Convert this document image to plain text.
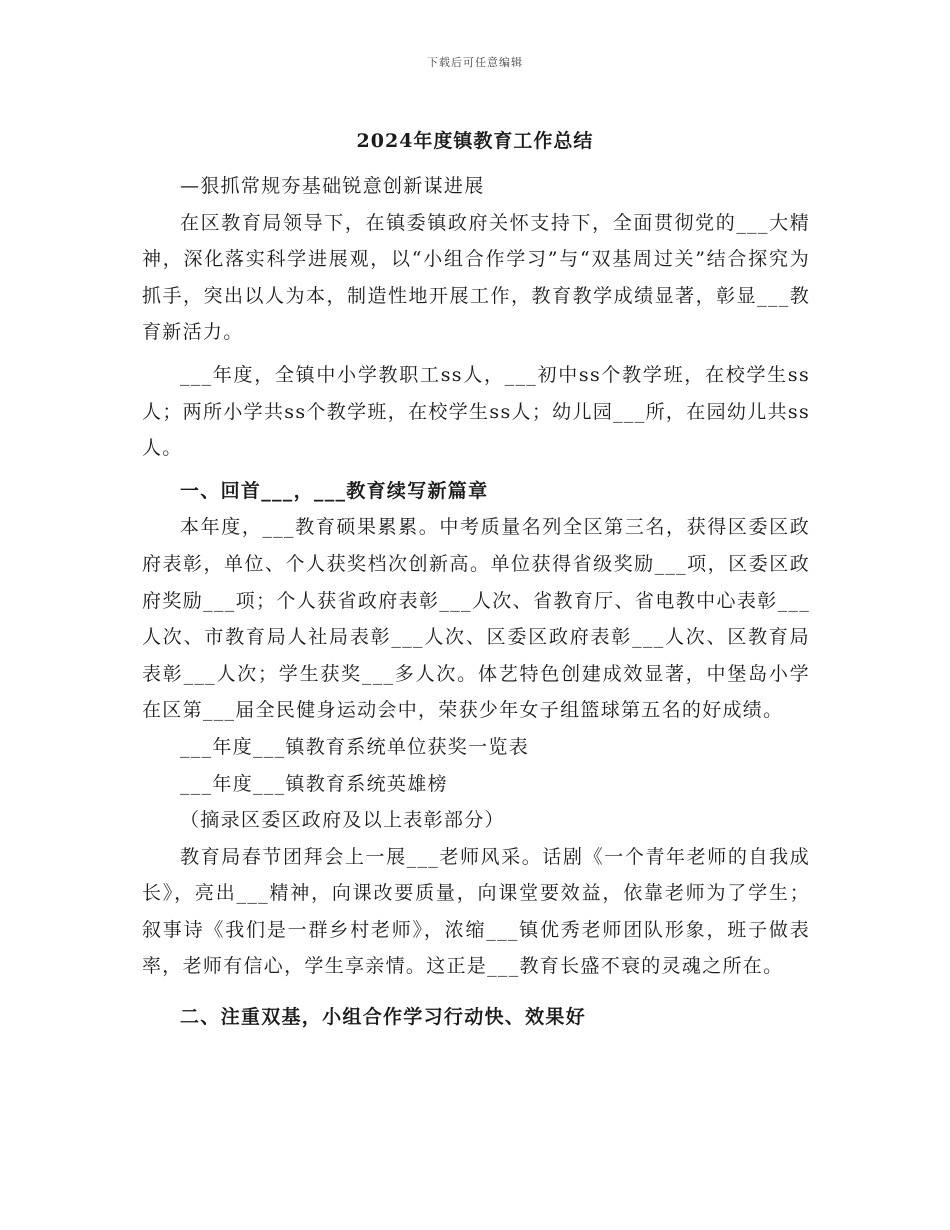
下载后可任意编辑
2024年度镇教育工作总结

—狠抓常规夯基础锐意创新谋进展

在区教育局领导下，在镇委镇政府关怀支持下，全面贯彻党的___大精神，深化落实科学进展观，以“小组合作学习”与“双基周过关”结合探究为抓手，突出以人为本，制造性地开展工作，教育教学成绩显著，彰显___教育新活力。

___年度，全镇中小学教职工ss人，___初中ss个教学班，在校学生ss人；两所小学共ss个教学班，在校学生ss人；幼儿园___所，在园幼儿共ss人。

一、回首___，___教育续写新篇章

本年度，___教育硕果累累。中考质量名列全区第三名，获得区委区政府表彰，单位、个人获奖档次创新高。单位获得省级奖励___项，区委区政府奖励___项；个人获省政府表彰___人次、省教育厅、省电教中心表彰___人次、市教育局人社局表彰___人次、区委区政府表彰___人次、区教育局表彰___人次；学生获奖___多人次。体艺特色创建成效显著，中堡岛小学在区第___届全民健身运动会中，荣获少年女子组篮球第五名的好成绩。

___年度___镇教育系统单位获奖一览表

___年度___镇教育系统英雄榜

（摘录区委区政府及以上表彰部分）

教育局春节团拜会上一展___老师风采。话剧《一个青年老师的自我成长》，亮出___精神，向课改要质量，向课堂要效益，依靠老师为了学生；叙事诗《我们是一群乡村老师》，浓缩___镇优秀老师团队形象，班子做表率，老师有信心，学生享亲情。这正是___教育长盛不衰的灵魂之所在。

二、注重双基，小组合作学习行动快、效果好
